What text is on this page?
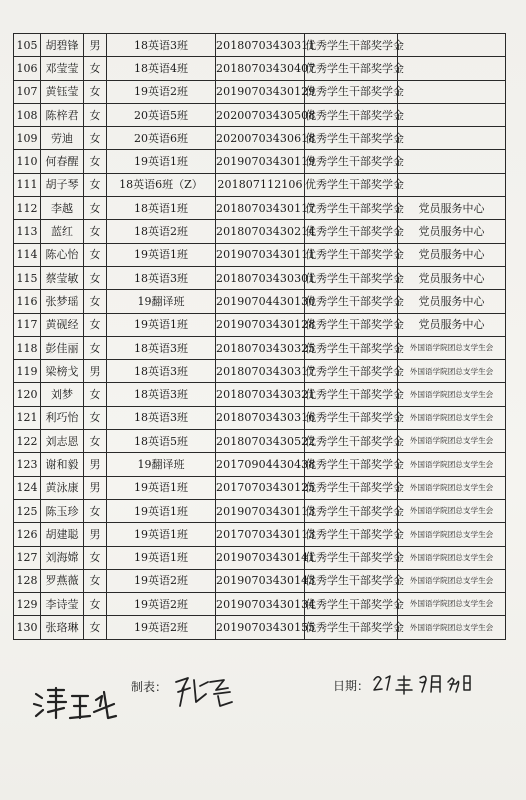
105	胡碧锋	男	18英语3班	20180703430311	优秀学生干部奖学金	
106	邓莹莹	女	18英语4班	20180703430407	优秀学生干部奖学金	
107	黄钰莹	女	19英语2班	20190703430129	优秀学生干部奖学金	
108	陈梓君	女	20英语5班	20200703430508	优秀学生干部奖学金	
109	劳迪	女	20英语6班	20200703430618	优秀学生干部奖学金	
110	何春醒	女	19英语1班	20190703430119	优秀学生干部奖学金	
111	胡子琴	女	18英语6班（Z）	201807112106	优秀学生干部奖学金	
112	李越	女	18英语1班	20180703430117	优秀学生干部奖学金	党员服务中心
113	蓝红	女	18英语2班	20180703430214	优秀学生干部奖学金	党员服务中心
114	陈心怡	女	19英语1班	20190703430111	优秀学生干部奖学金	党员服务中心
115	蔡莹敏	女	18英语3班	20180703430301	优秀学生干部奖学金	党员服务中心
116	张梦瑶	女	19翻译班	20190704430130	优秀学生干部奖学金	党员服务中心
117	黄砚经	女	19英语1班	20190703430128	优秀学生干部奖学金	党员服务中心
118	彭佳丽	女	18英语3班	20180703430325	优秀学生干部奖学金	外国语学院团总支学生会
119	梁榜戈	男	18英语3班	20180703430317	优秀学生干部奖学金	外国语学院团总支学生会
120	刘梦	女	18英语3班	20180703430321	优秀学生干部奖学金	外国语学院团总支学生会
121	利巧怡	女	18英语3班	20180703430316	优秀学生干部奖学金	外国语学院团总支学生会
122	刘志恩	女	18英语5班	20180703430522	优秀学生干部奖学金	外国语学院团总支学生会
123	谢和毅	男	19翻译班	20170904430438	优秀学生干部奖学金	外国语学院团总支学生会
124	黄泳康	男	19英语1班	20170703430125	优秀学生干部奖学金	外国语学院团总支学生会
125	陈玉珍	女	19英语1班	20190703430113	优秀学生干部奖学金	外国语学院团总支学生会
126	胡建聪	男	19英语1班	20170703430113	优秀学生干部奖学金	外国语学院团总支学生会
127	刘海嫦	女	19英语1班	20190703430141	优秀学生干部奖学金	外国语学院团总支学生会
128	罗燕薇	女	19英语2班	20190703430143	优秀学生干部奖学金	外国语学院团总支学生会
129	李诗莹	女	19英语2班	20190703430134	优秀学生干部奖学金	外国语学院团总支学生会
130	张珞琳	女	19英语2班	20190703430155	优秀学生干部奖学金	外国语学院团总支学生会
制表：	日期：
